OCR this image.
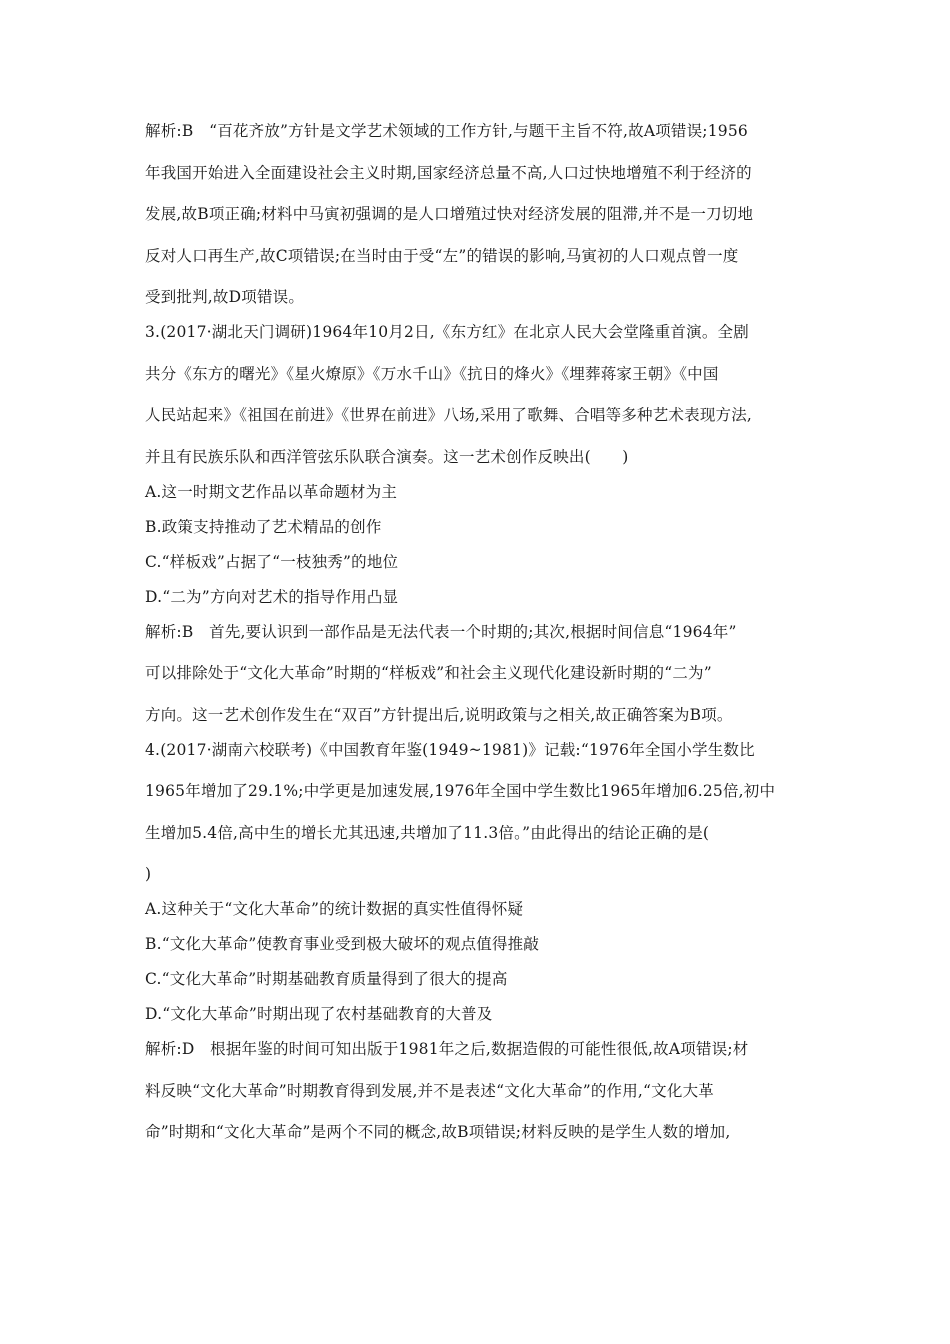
解析:B　“百花齐放”方针是文学艺术领域的工作方针,与题干主旨不符,故A项错误;1956
年我国开始进入全面建设社会主义时期,国家经济总量不高,人口过快地增殖不利于经济的
发展,故B项正确;材料中马寅初强调的是人口增殖过快对经济发展的阻滞,并不是一刀切地
反对人口再生产,故C项错误;在当时由于受“左”的错误的影响,马寅初的人口观点曾一度
受到批判,故D项错误。
3.(2017·湖北天门调研)1964年10月2日,《东方红》在北京人民大会堂隆重首演。全剧
共分《东方的曙光》《星火燎原》《万水千山》《抗日的烽火》《埋葬蒋家王朝》《中国
人民站起来》《祖国在前进》《世界在前进》八场,采用了歌舞、合唱等多种艺术表现方法,
并且有民族乐队和西洋管弦乐队联合演奏。这一艺术创作反映出(　　)
A.这一时期文艺作品以革命题材为主
B.政策支持推动了艺术精品的创作
C.“样板戏”占据了“一枝独秀”的地位
D.“二为”方向对艺术的指导作用凸显
解析:B　首先,要认识到一部作品是无法代表一个时期的;其次,根据时间信息“1964年”
可以排除处于“文化大革命”时期的“样板戏”和社会主义现代化建设新时期的“二为”
方向。这一艺术创作发生在“双百”方针提出后,说明政策与之相关,故正确答案为B项。
4.(2017·湖南六校联考)《中国教育年鉴(1949~1981)》记载:“1976年全国小学生数比
1965年增加了29.1%;中学更是加速发展,1976年全国中学生数比1965年增加6.25倍,初中
生增加5.4倍,高中生的增长尤其迅速,共增加了11.3倍。”由此得出的结论正确的是(
)
A.这种关于“文化大革命”的统计数据的真实性值得怀疑
B.“文化大革命”使教育事业受到极大破坏的观点值得推敲
C.“文化大革命”时期基础教育质量得到了很大的提高
D.“文化大革命”时期出现了农村基础教育的大普及
解析:D　根据年鉴的时间可知出版于1981年之后,数据造假的可能性很低,故A项错误;材
料反映“文化大革命”时期教育得到发展,并不是表述“文化大革命”的作用,“文化大革
命”时期和“文化大革命”是两个不同的概念,故B项错误;材料反映的是学生人数的增加,
